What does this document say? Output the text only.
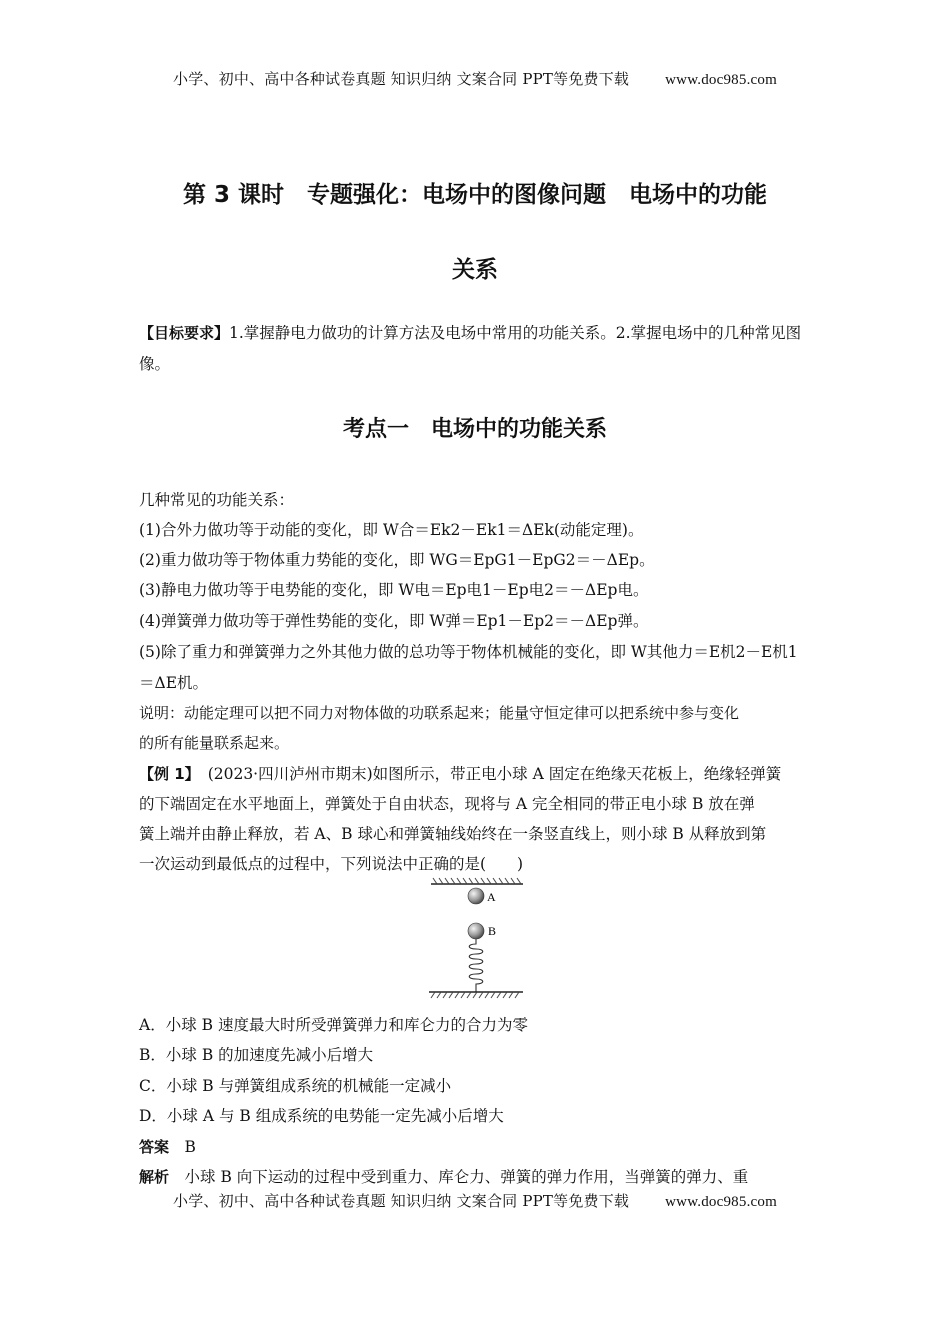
小学、初中、高中各种试卷真题 知识归纳 文案合同 PPT等免费下载 www.doc985.com
第 3 课时　专题强化：电场中的图像问题　电场中的功能
关系
【目标要求】1.掌握静电力做功的计算方法及电场中常用的功能关系。2.掌握电场中的几种常见图像。
考点一　电场中的功能关系
几种常见的功能关系：
(1)合外力做功等于动能的变化，即 W合＝Ek2－Ek1＝ΔEk(动能定理)。
(2)重力做功等于物体重力势能的变化，即 WG＝EpG1－EpG2＝－ΔEp。
(3)静电力做功等于电势能的变化，即 W电＝Ep电1－Ep电2＝－ΔEp电。
(4)弹簧弹力做功等于弹性势能的变化，即 W弹＝Ep1－Ep2＝－ΔEp弹。
(5)除了重力和弹簧弹力之外其他力做的总功等于物体机械能的变化，即 W其他力＝E机2－E机1
＝ΔE机。
说明：动能定理可以把不同力对物体做的功联系起来；能量守恒定律可以把系统中参与变化
的所有能量联系起来。
【例 1】　 (2023·四川泸州市期末)如图所示，带正电小球 A 固定在绝缘天花板上，绝缘轻弹簧
的下端固定在水平地面上，弹簧处于自由状态，现将与 A 完全相同的带正电小球 B 放在弹
簧上端并由静止释放，若 A、B 球心和弹簧轴线始终在一条竖直线上，则小球 B 从释放到第
一次运动到最低点的过程中，下列说法中正确的是(　　)
A
B
A．小球 B 速度最大时所受弹簧弹力和库仑力的合力为零
B．小球 B 的加速度先减小后增大
C．小球 B 与弹簧组成系统的机械能一定减小
D．小球 A 与 B 组成系统的电势能一定先减小后增大
答案　 B
解析　 小球 B 向下运动的过程中受到重力、库仑力、弹簧的弹力作用，当弹簧的弹力、重
小学、初中、高中各种试卷真题 知识归纳 文案合同 PPT等免费下载 www.doc985.com
